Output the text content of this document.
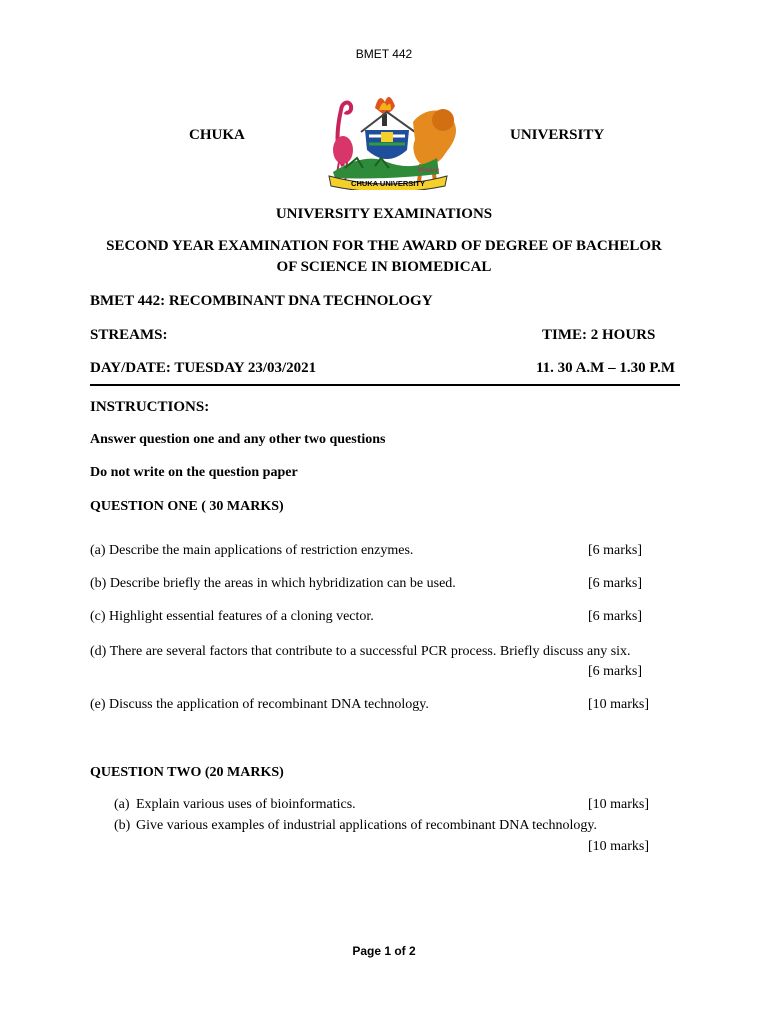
BMET 442
CHUKA	UNIVERSITY
Wisdom
CHUKA UNIVERSITY
UNIVERSITY EXAMINATIONS
SECOND YEAR EXAMINATION FOR THE AWARD OF DEGREE OF BACHELOR
OF SCIENCE IN BIOMEDICAL
BMET 442: RECOMBINANT DNA TECHNOLOGY
STREAMS:	TIME: 2 HOURS
DAY/DATE: TUESDAY 23/03/2021	11. 30 A.M – 1.30 P.M
INSTRUCTIONS:
Answer question one and any other two questions
Do not write on the question paper
QUESTION ONE ( 30 MARKS)
(a) Describe the main applications of restriction enzymes.	[6 marks]
(b) Describe briefly the areas in which hybridization can be used.	[6 marks]
(c) Highlight essential features of a cloning vector.	[6 marks]
(d) There are several factors that contribute to a successful PCR process. Briefly discuss any six.
[6 marks]
(e) Discuss the application of recombinant DNA technology.	[10 marks]
QUESTION TWO (20 MARKS)
(a) Explain various uses of bioinformatics.	[10 marks]
(b) Give various examples of industrial applications of recombinant DNA technology.
[10 marks]
Page 1 of 2
